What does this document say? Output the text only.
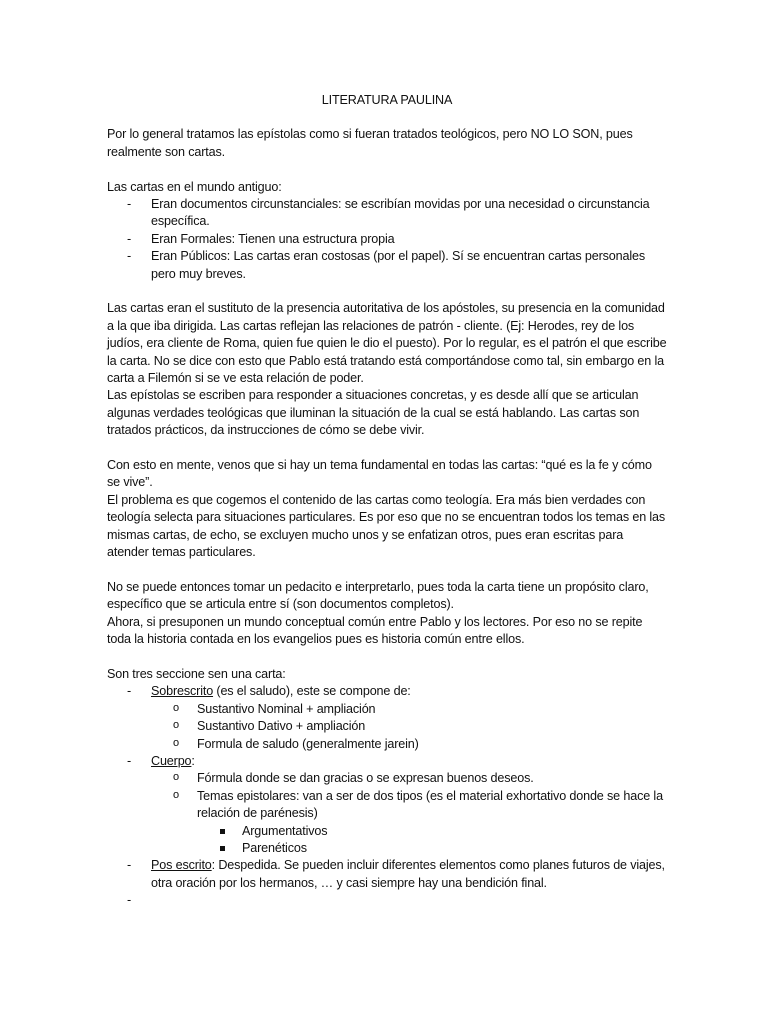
LITERATURA PAULINA

Por lo general tratamos las epístolas como si fueran tratados teológicos, pero NO LO SON, pues realmente son cartas.

Las cartas en el mundo antiguo:

- Eran documentos circunstanciales: se escribían movidas por una necesidad o circunstancia específica.
- Eran Formales: Tienen una estructura propia
- Eran Públicos: Las cartas eran costosas (por el papel). Sí se encuentran cartas personales pero muy breves.

Las cartas eran el sustituto de la presencia autoritativa de los apóstoles, su presencia en la comunidad a la que iba dirigida. Las cartas reflejan las relaciones de patrón - cliente. (Ej: Herodes, rey de los judíos, era cliente de Roma, quien fue quien le dio el puesto). Por lo regular, es el patrón el que escribe la carta. No se dice con esto que Pablo está tratando está comportándose como tal, sin embargo en la carta a Filemón si se ve esta relación de poder.

Las epístolas se escriben para responder a situaciones concretas, y es desde allí que se articulan algunas verdades teológicas que iluminan la situación de la cual se está hablando. Las cartas son tratados prácticos, da instrucciones de cómo se debe vivir.

Con esto en mente, venos que si hay un tema fundamental en todas las cartas: “qué es la fe y cómo se vive”.

El problema es que cogemos el contenido de las cartas como teología. Era más bien verdades con teología selecta para situaciones particulares. Es por eso que no se encuentran todos los temas en las mismas cartas, de echo, se excluyen mucho unos y se enfatizan otros, pues eran escritas para atender temas particulares.

No se puede entonces tomar un pedacito e interpretarlo, pues toda la carta tiene un propósito claro, específico que se articula entre sí (son documentos completos).

Ahora, si presuponen un mundo conceptual común entre Pablo y los lectores. Por eso no se repite toda la historia contada en los evangelios pues es historia común entre ellos.

Son tres seccione sen una carta:

- Sobrescrito (es el saludo), este se compone de:
o Sustantivo Nominal + ampliación
o Sustantivo Dativo + ampliación
o Formula de saludo (generalmente jarein)
- Cuerpo:
o Fórmula donde se dan gracias o se expresan buenos deseos.
o Temas epistolares: van a ser de dos tipos (es el material exhortativo donde se hace la relación de parénesis)
Argumentativos
Parenéticos
- Pos escrito: Despedida. Se pueden incluir diferentes elementos como planes futuros de viajes, otra oración por los hermanos, … y casi siempre hay una bendición final.
-
